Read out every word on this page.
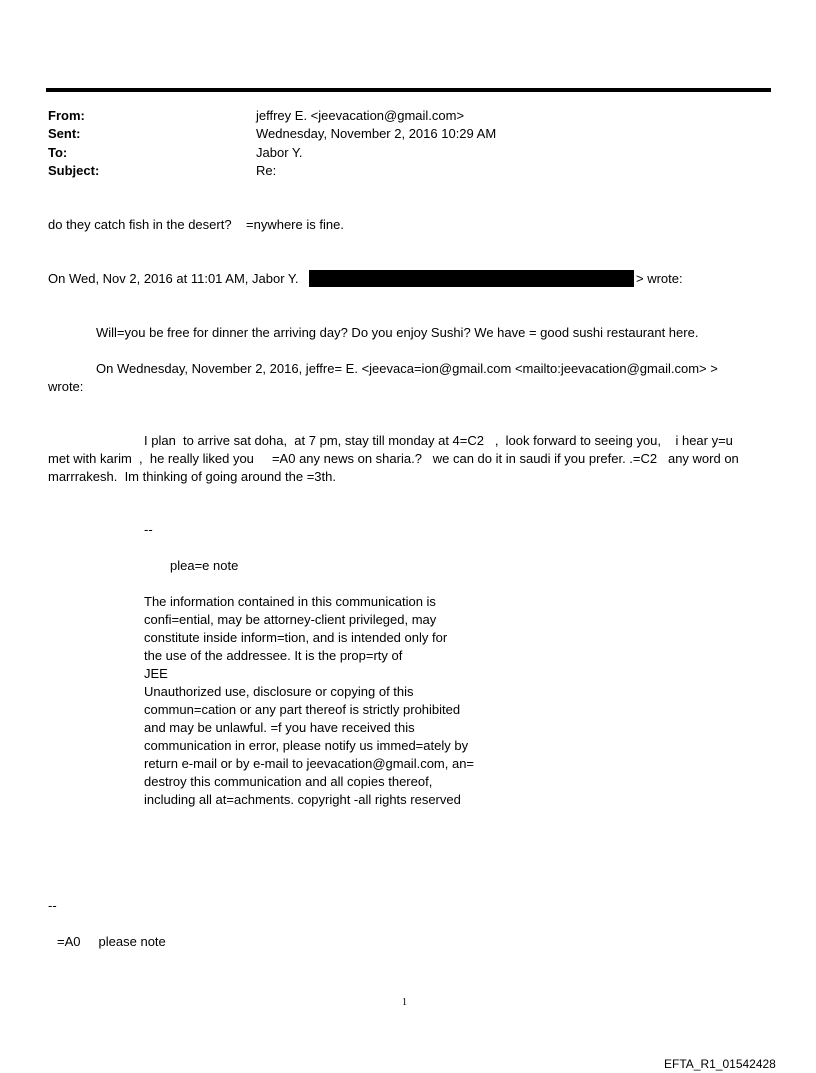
From:	jeffrey E. <jeevacation@gmail.com>
Sent:	Wednesday, November 2, 2016 10:29 AM
To:	Jabor Y.
Subject:	Re:
do they catch fish in the desert?    =nywhere is fine.
On Wed, Nov 2, 2016 at 11:01 AM, Jabor Y.	> wrote:
Will=you be free for dinner the arriving day? Do you enjoy Sushi? We have = good sushi restaurant here.
On Wednesday, November 2, 2016, jeffre= E. <jeevaca=ion@gmail.com <mailto:jeevacation@gmail.com> >
wrote:
I plan  to arrive sat doha,  at 7 pm, stay till monday at 4=C2   ,  look forward to seeing you,    i hear y=u
met with karim  ,  he really liked you     =A0 any news on sharia.?   we can do it in saudi if you prefer. .=C2   any word on
marrrakesh.  Im thinking of going around the =3th.
--
plea=e note
The information contained in this communication is
confi=ential, may be attorney-client privileged, may
constitute inside inform=tion, and is intended only for
the use of the addressee. It is the prop=rty of
JEE
Unauthorized use, disclosure or copying of this
commun=cation or any part thereof is strictly prohibited
and may be unlawful. =f you have received this
communication in error, please notify us immed=ately by
return e-mail or by e-mail to jeevacation@gmail.com, an=
destroy this communication and all copies thereof,
including all at=achments. copyright -all rights reserved
--
=A0     please note
1
EFTA_R1_01542428
